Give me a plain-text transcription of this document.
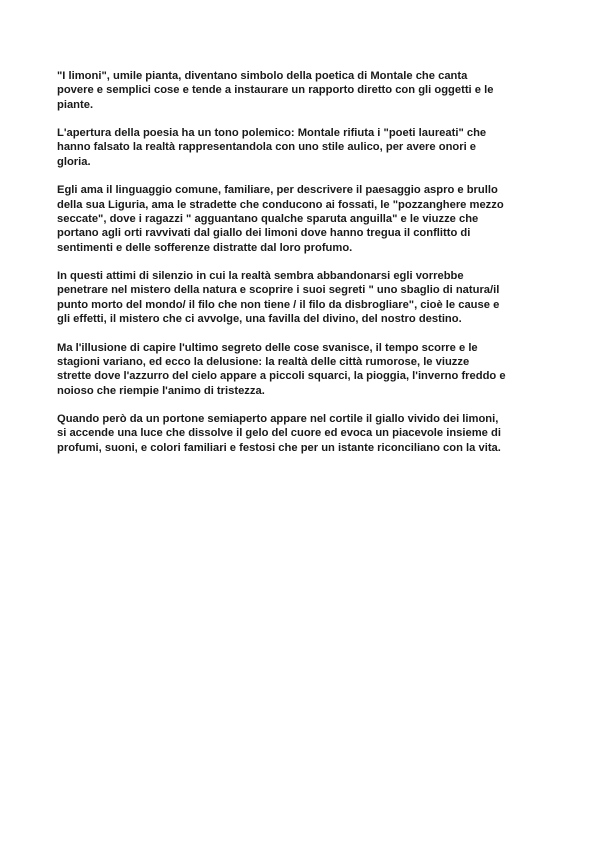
"I limoni", umile pianta, diventano simbolo della poetica di Montale che canta
povere e semplici cose e tende a instaurare un rapporto diretto con gli oggetti e le
piante.

L'apertura della poesia ha un tono polemico: Montale rifiuta i "poeti laureati" che
hanno falsato la realtà rappresentandola con uno stile aulico, per avere onori e
gloria.

Egli ama il linguaggio comune, familiare, per descrivere il paesaggio aspro e brullo
della sua Liguria, ama le stradette che conducono ai fossati, le "pozzanghere mezzo
seccate", dove i ragazzi " agguantano qualche sparuta anguilla" e le viuzze che
portano agli orti ravvivati dal giallo dei limoni dove hanno tregua il conflitto di
sentimenti e delle sofferenze distratte dal loro profumo.

In questi attimi di silenzio in cui la realtà sembra abbandonarsi egli vorrebbe
penetrare nel mistero della natura e scoprire i suoi segreti " uno sbaglio di natura/il
punto morto del mondo/ il filo che non tiene / il filo da disbrogliare", cioè le cause e
gli effetti, il mistero che ci avvolge, una favilla del divino, del nostro destino.

Ma l'illusione di capire l'ultimo segreto delle cose svanisce, il tempo scorre e le
stagioni variano, ed ecco la delusione: la realtà delle città rumorose, le viuzze
strette dove l'azzurro del cielo appare a piccoli squarci, la pioggia, l'inverno freddo e
noioso che riempie l'animo di tristezza.

Quando però da un portone semiaperto appare nel cortile il giallo vivido dei limoni,
si accende una luce che dissolve il gelo del cuore ed evoca un piacevole insieme di
profumi, suoni, e colori familiari e festosi che per un istante riconciliano con la vita.
